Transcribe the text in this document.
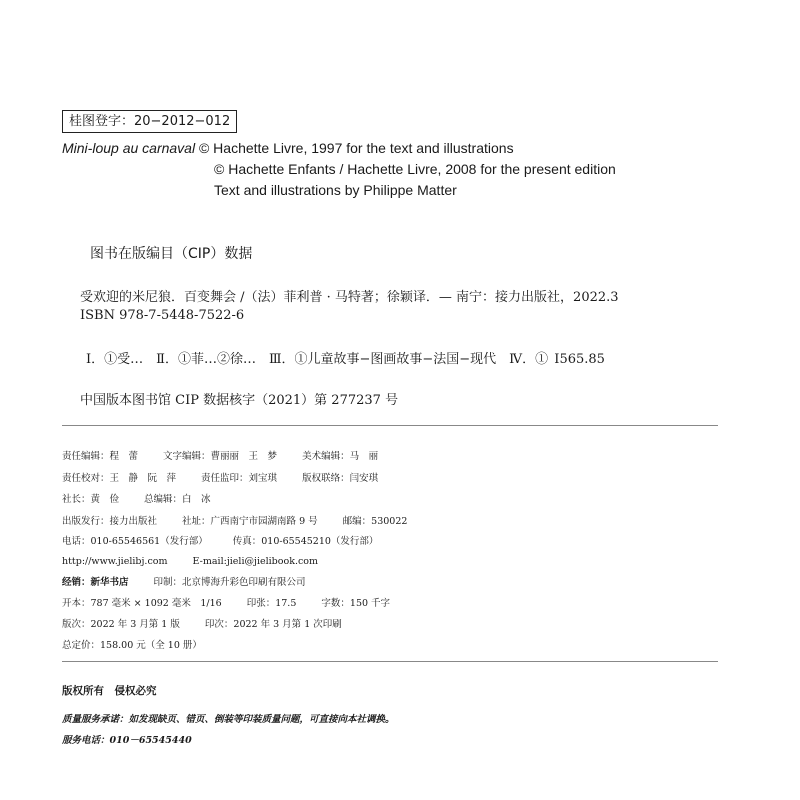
桂图登字：20−2012−012
Mini-loup au carnaval © Hachette Livre, 1997 for the text and illustrations
© Hachette Enfants / Hachette Livre, 2008 for the present edition
Text and illustrations by Philippe Matter
图书在版编目（CIP）数据
受欢迎的米尼狼．百变舞会 /（法）菲利普 · 马特著；徐颖译．— 南宁：接力出版社，2022.3
ISBN 978-7-5448-7522-6
Ⅰ．①受…　Ⅱ．①菲…②徐…　Ⅲ．①儿童故事−图画故事−法国−现代　Ⅳ．① I565.85
中国版本图书馆 CIP 数据核字（2021）第 277237 号
责任编辑：程　蕾	文字编辑：曹丽丽　王　梦	美术编辑：马　丽
责任校对：王　静　阮　萍	责任监印：刘宝琪	版权联络：闫安琪
社长：黄　俭	总编辑：白　冰
出版发行：接力出版社	社址：广西南宁市园湖南路 9 号	邮编：530022
电话：010-65546561（发行部）	传真：010-65545210（发行部）
http://www.jielibj.com	E-mail:jieli@jielibook.com
经销：新华书店	印制：北京博海升彩色印刷有限公司
开本：787 毫米 × 1092 毫米　1/16	印张：17.5	字数：150 千字
版次：2022 年 3 月第 1 版	印次：2022 年 3 月第 1 次印刷
总定价：158.00 元（全 10 册）
版权所有　侵权必究
质量服务承诺：如发现缺页、错页、倒装等印装质量问题，可直接向本社调换。
服务电话：010－65545440
